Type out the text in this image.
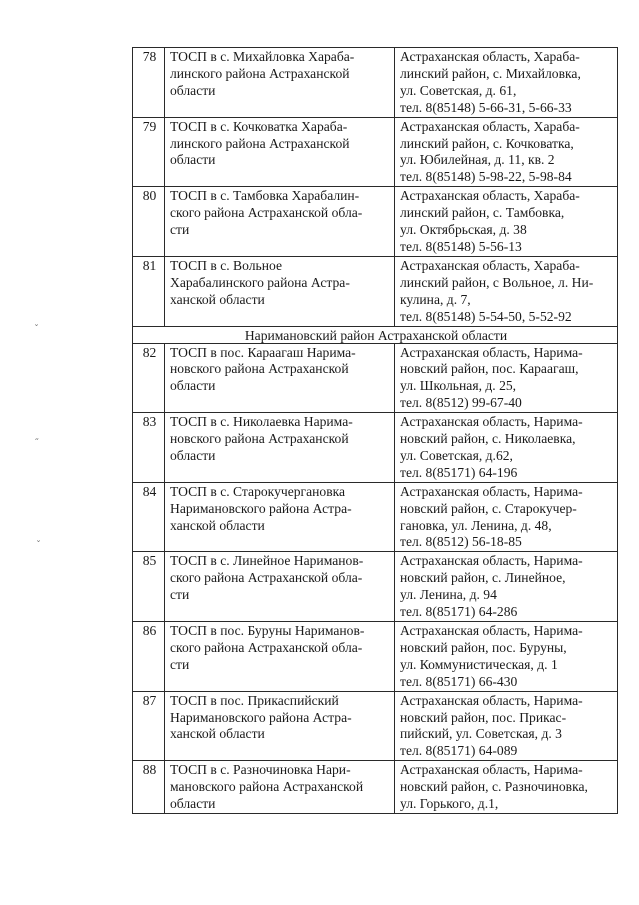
ˇ
˝
ˇ
78	ТОСП в с. Михайловка Хараба-
линского района Астраханской
области	Астраханская область, Хараба-
линский район, с. Михайловка,
ул. Советская, д. 61,
тел. 8(85148) 5-66-31, 5-66-33

79	ТОСП в с. Кочковатка Хараба-
линского района Астраханской
области	Астраханская область, Хараба-
линский район, с. Кочковатка,
ул. Юбилейная, д. 11, кв. 2
тел. 8(85148) 5-98-22, 5-98-84

80	ТОСП в с. Тамбовка Харабалин-
ского района Астраханской обла-
сти	Астраханская область, Хараба-
линский район, с. Тамбовка,
ул. Октябрьская, д. 38
тел. 8(85148) 5-56-13

81	ТОСП в с. Вольное
Харабалинского района Астра-
ханской области	Астраханская область, Хараба-
линский район, с Вольное, л. Ни-
кулина, д. 7,
тел. 8(85148) 5-54-50, 5-52-92

Наримановский район Астраханской области		
82	ТОСП в пос. Караагаш Нарима-
новского района Астраханской
области	Астраханская область, Нарима-
новский район, пос. Караагаш,
ул. Школьная, д. 25,
тел. 8(8512) 99-67-40

83	ТОСП в с. Николаевка Нарима-
новского района Астраханской
области	Астраханская область, Нарима-
новский район, с. Николаевка,
ул. Советская, д.62,
тел. 8(85171) 64-196

84	ТОСП в с. Старокучергановка
Наримановского района Астра-
ханской области	Астраханская область, Нарима-
новский район, с. Старокучер-
гановка, ул. Ленина, д. 48,
тел. 8(8512) 56-18-85

85	ТОСП в с. Линейное Нариманов-
ского района Астраханской обла-
сти	Астраханская область, Нарима-
новский район, с. Линейное,
ул. Ленина, д. 94
тел. 8(85171) 64-286

86	ТОСП в пос. Буруны Нариманов-
ского района Астраханской обла-
сти	Астраханская область, Нарима-
новский район, пос. Буруны,
ул. Коммунистическая, д. 1
тел. 8(85171) 66-430

87	ТОСП в пос. Прикаспийский
Наримановского района Астра-
ханской области	Астраханская область, Нарима-
новский район, пос. Прикас-
пийский, ул. Советская, д. 3
тел. 8(85171) 64-089

88	ТОСП в с. Разночиновка Нари-
мановского района Астраханской
области	Астраханская область, Нарима-
новский район, с. Разночиновка,
ул. Горького, д.1,
